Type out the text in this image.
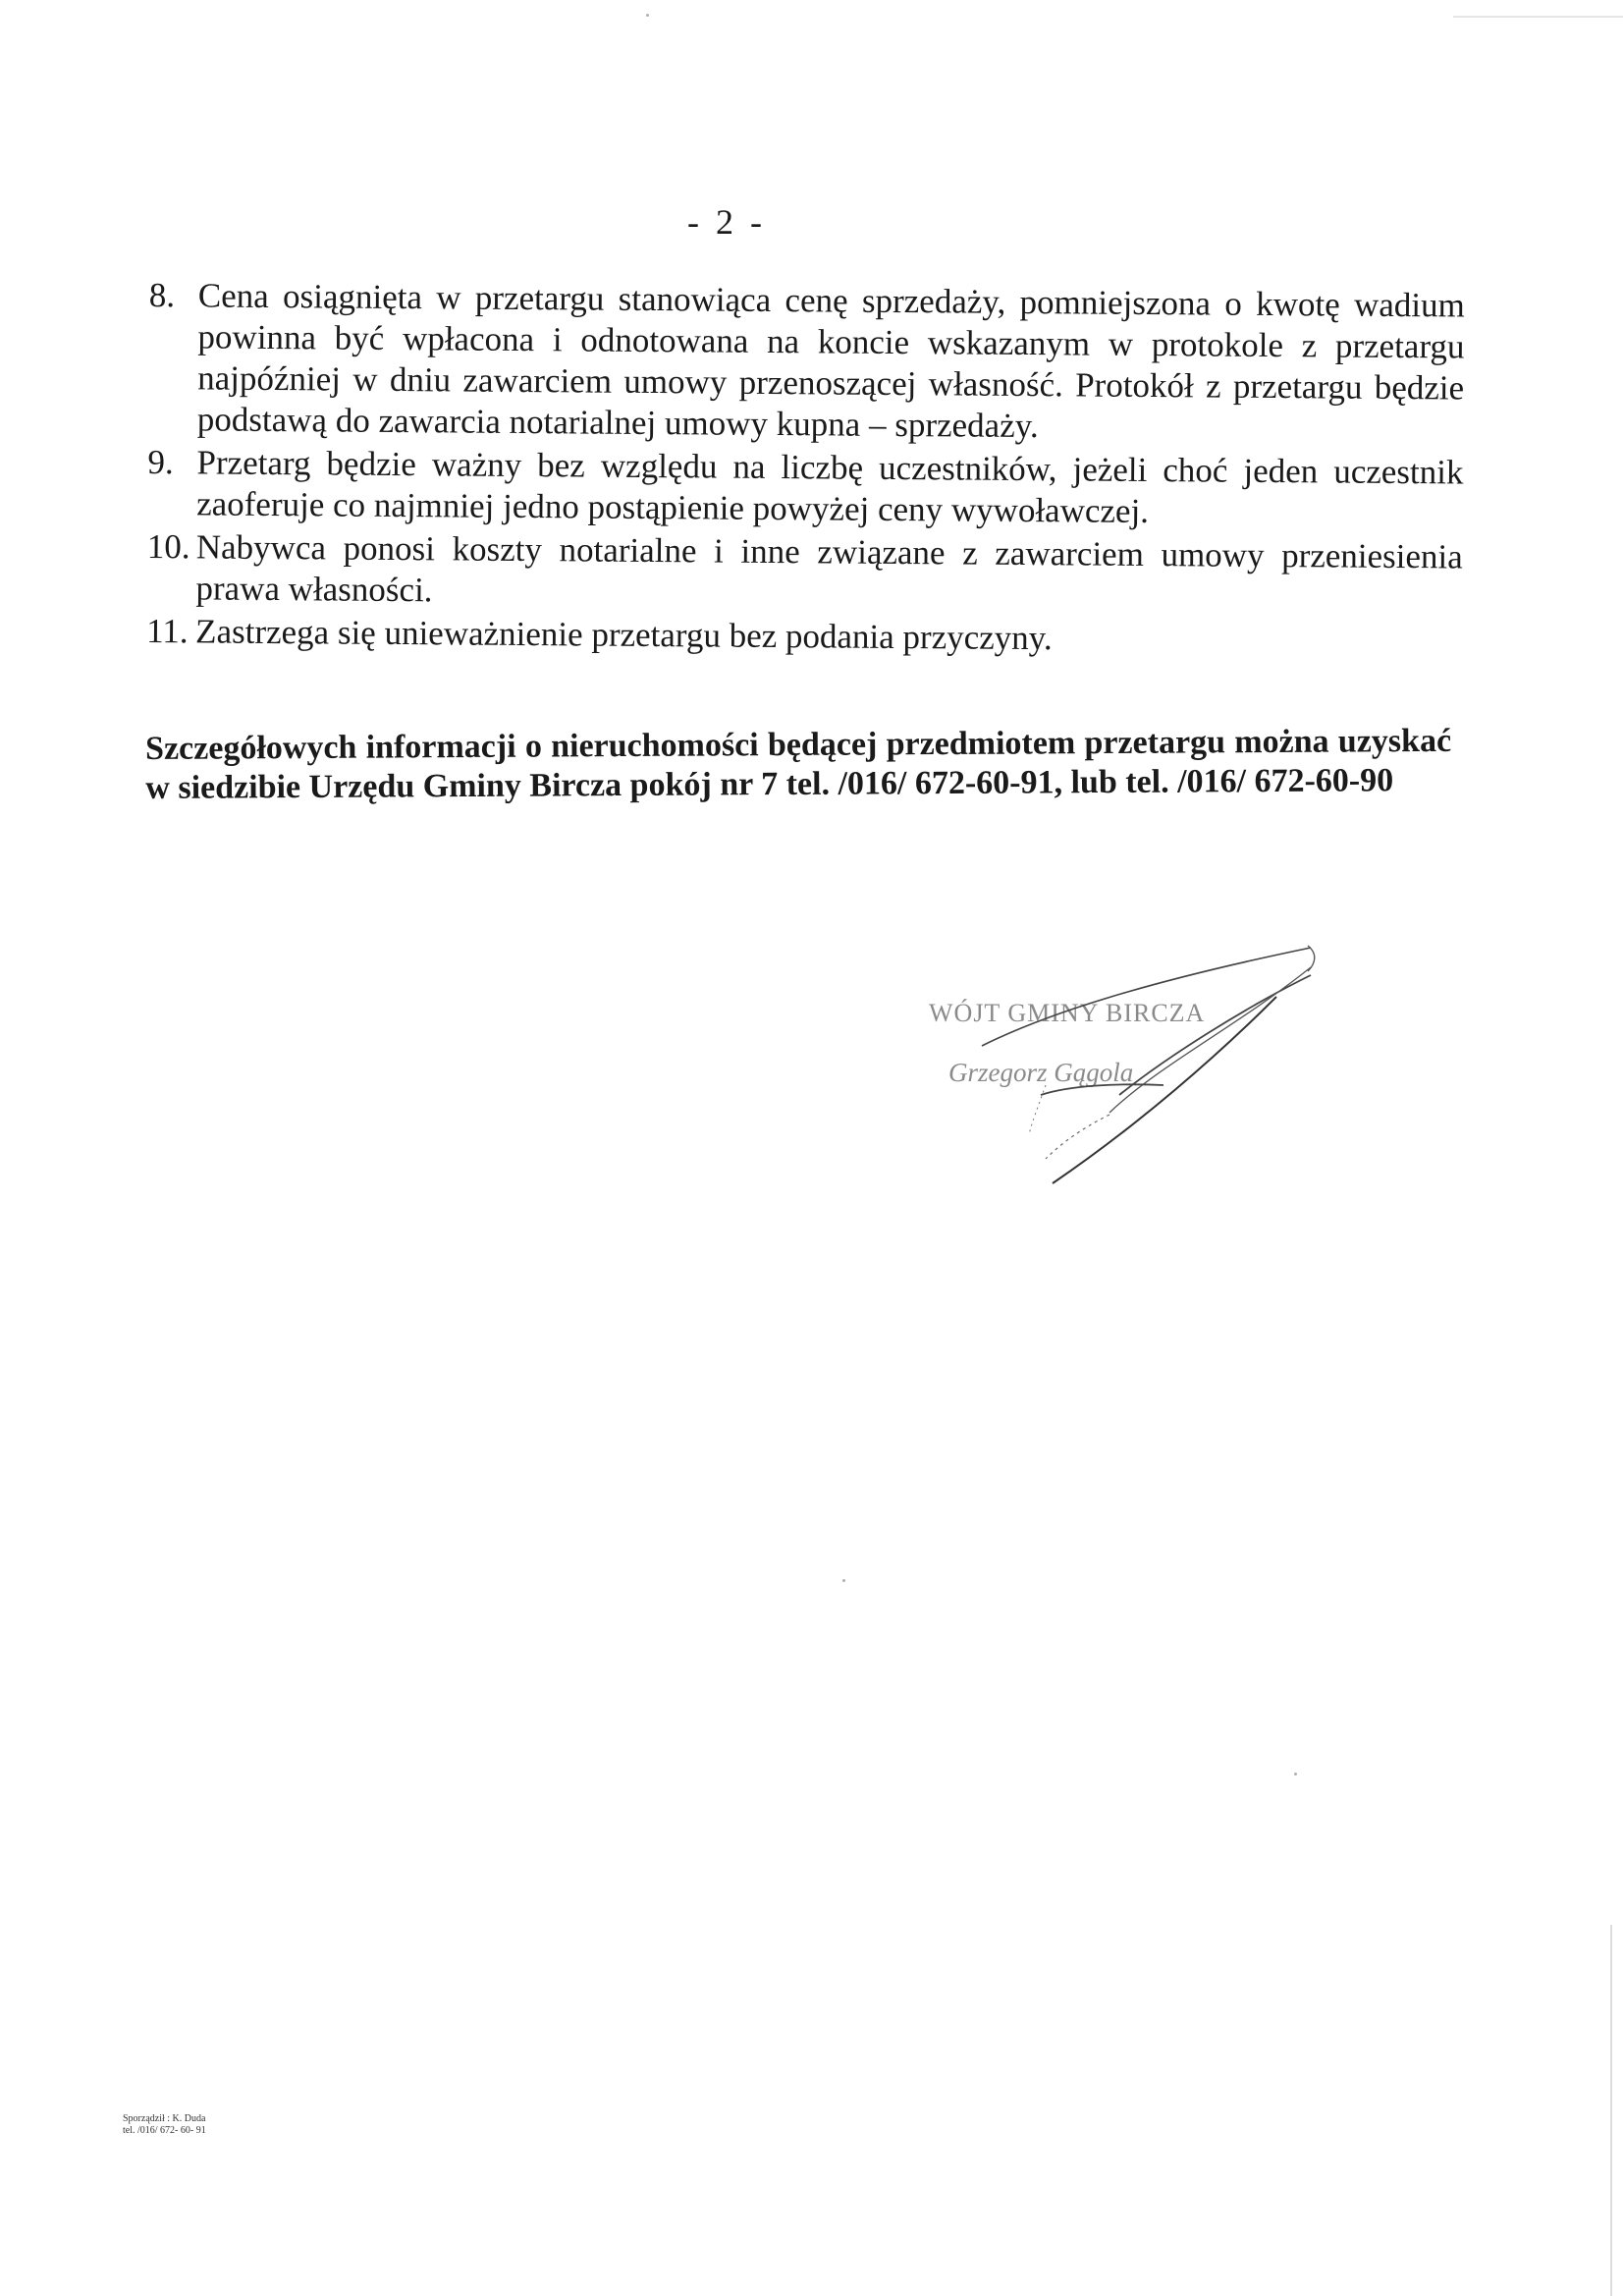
- 2 -
8. Cena osiągnięta w przetargu stanowiąca cenę sprzedaży, pomniejszona o kwotę wadium powinna być wpłacona i odnotowana na koncie wskazanym w protokole z przetargu najpóźniej w dniu zawarciem umowy przenoszącej własność. Protokół z przetargu będzie podstawą do zawarcia notarialnej umowy kupna – sprzedaży.
9. Przetarg będzie ważny bez względu na liczbę uczestników, jeżeli choć jeden uczestnik zaoferuje co najmniej jedno postąpienie powyżej ceny wywoławczej.
10. Nabywca ponosi koszty notarialne i inne związane z zawarciem umowy przeniesienia prawa własności.
11. Zastrzega się unieważnienie przetargu bez podania przyczyny.
Szczegółowych informacji o nieruchomości będącej przedmiotem przetargu można uzyskać w siedzibie Urzędu Gminy Bircza pokój nr 7 tel. /016/ 672-60-91, lub tel. /016/ 672-60-90
WÓJT GMINY BIRCZA
Grzegorz Gągola
Sporządził : K. Duda
tel. /016/ 672- 60- 91
